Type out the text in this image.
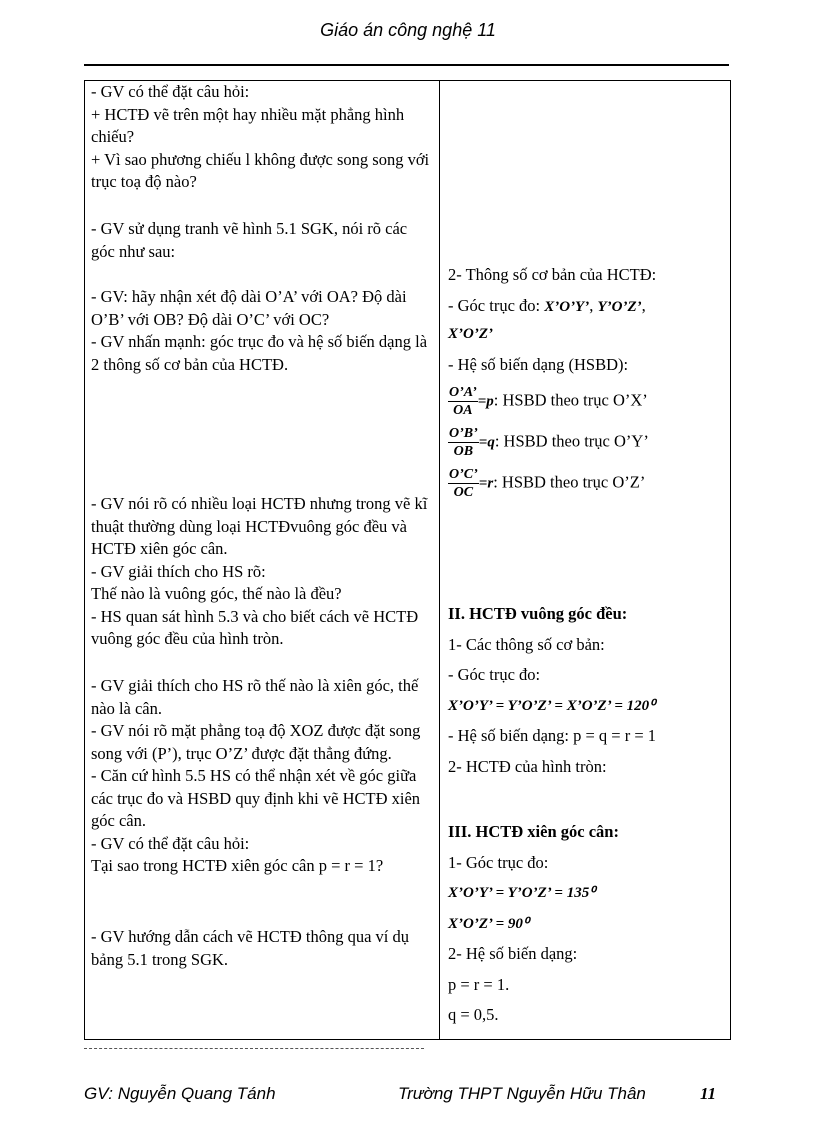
Giáo án công nghệ 11

- GV có thể đặt câu hỏi:

+ HCTĐ vẽ trên một hay nhiều mặt phẳng hình chiếu?

+ Vì sao phương chiếu l không được song song với trục toạ độ nào?

- GV sử dụng tranh vẽ hình 5.1 SGK, nói rõ các góc như sau:

- GV: hãy nhận xét độ dài O’A’ với OA? Độ dài O’B’ với OB? Độ dài O’C’ với OC?

- GV nhấn mạnh: góc trục đo và hệ số biến dạng là 2 thông số cơ bản của HCTĐ.

- GV nói rõ có nhiều loại HCTĐ nhưng trong vẽ kĩ thuật thường dùng loại HCTĐvuông góc đều và HCTĐ xiên góc cân.

- GV giải thích cho HS rõ:

Thế nào là vuông góc, thế nào là đều?

- HS quan sát hình 5.3 và cho biết cách vẽ HCTĐ vuông góc đều của hình tròn.

- GV giải thích cho HS rõ thế nào là xiên góc, thế nào là cân.

- GV nói rõ mặt phẳng toạ độ XOZ được đặt song song với (P’), trục O’Z’ được đặt thẳng đứng.

- Căn cứ hình 5.5 HS có thể nhận xét về góc giữa các trục đo và HSBD quy định khi vẽ HCTĐ xiên góc cân.

- GV có thể đặt câu hỏi:

Tại sao trong HCTĐ xiên góc cân p = r = 1?

- GV hướng dẫn cách vẽ HCTĐ thông qua ví dụ bảng 5.1 trong SGK.

2- Thông số cơ bản của HCTĐ:

- Góc trục đo: X’O’Y’, Y’O’Z’,

X’O’Z’

- Hệ số biến dạng (HSBD):

$\frac{O’A’}{OA} =p$: HSBD theo trục O’X’

$\frac{O’B’}{OB} =q$: HSBD theo trục O’Y’

$\frac{O’C’}{OC} =r$: HSBD theo trục O’Z’

II. HCTĐ vuông góc đều:

1- Các thông số cơ bản:

- Góc trục đo:

X’O’Y’ = Y’O’Z’ = X’O’Z’ = 120⁰

- Hệ số biến dạng: p = q = r = 1

2- HCTĐ của hình tròn:

III. HCTĐ xiên góc cân:

1- Góc trục đo:

X’O’Y’ = Y’O’Z’ = 135⁰

X’O’Z’ = 90⁰

2- Hệ số biến dạng:

p = r = 1.

q = 0,5.

GV: Nguyễn Quang Tánh	Trường THPT Nguyễn Hữu Thân	11
